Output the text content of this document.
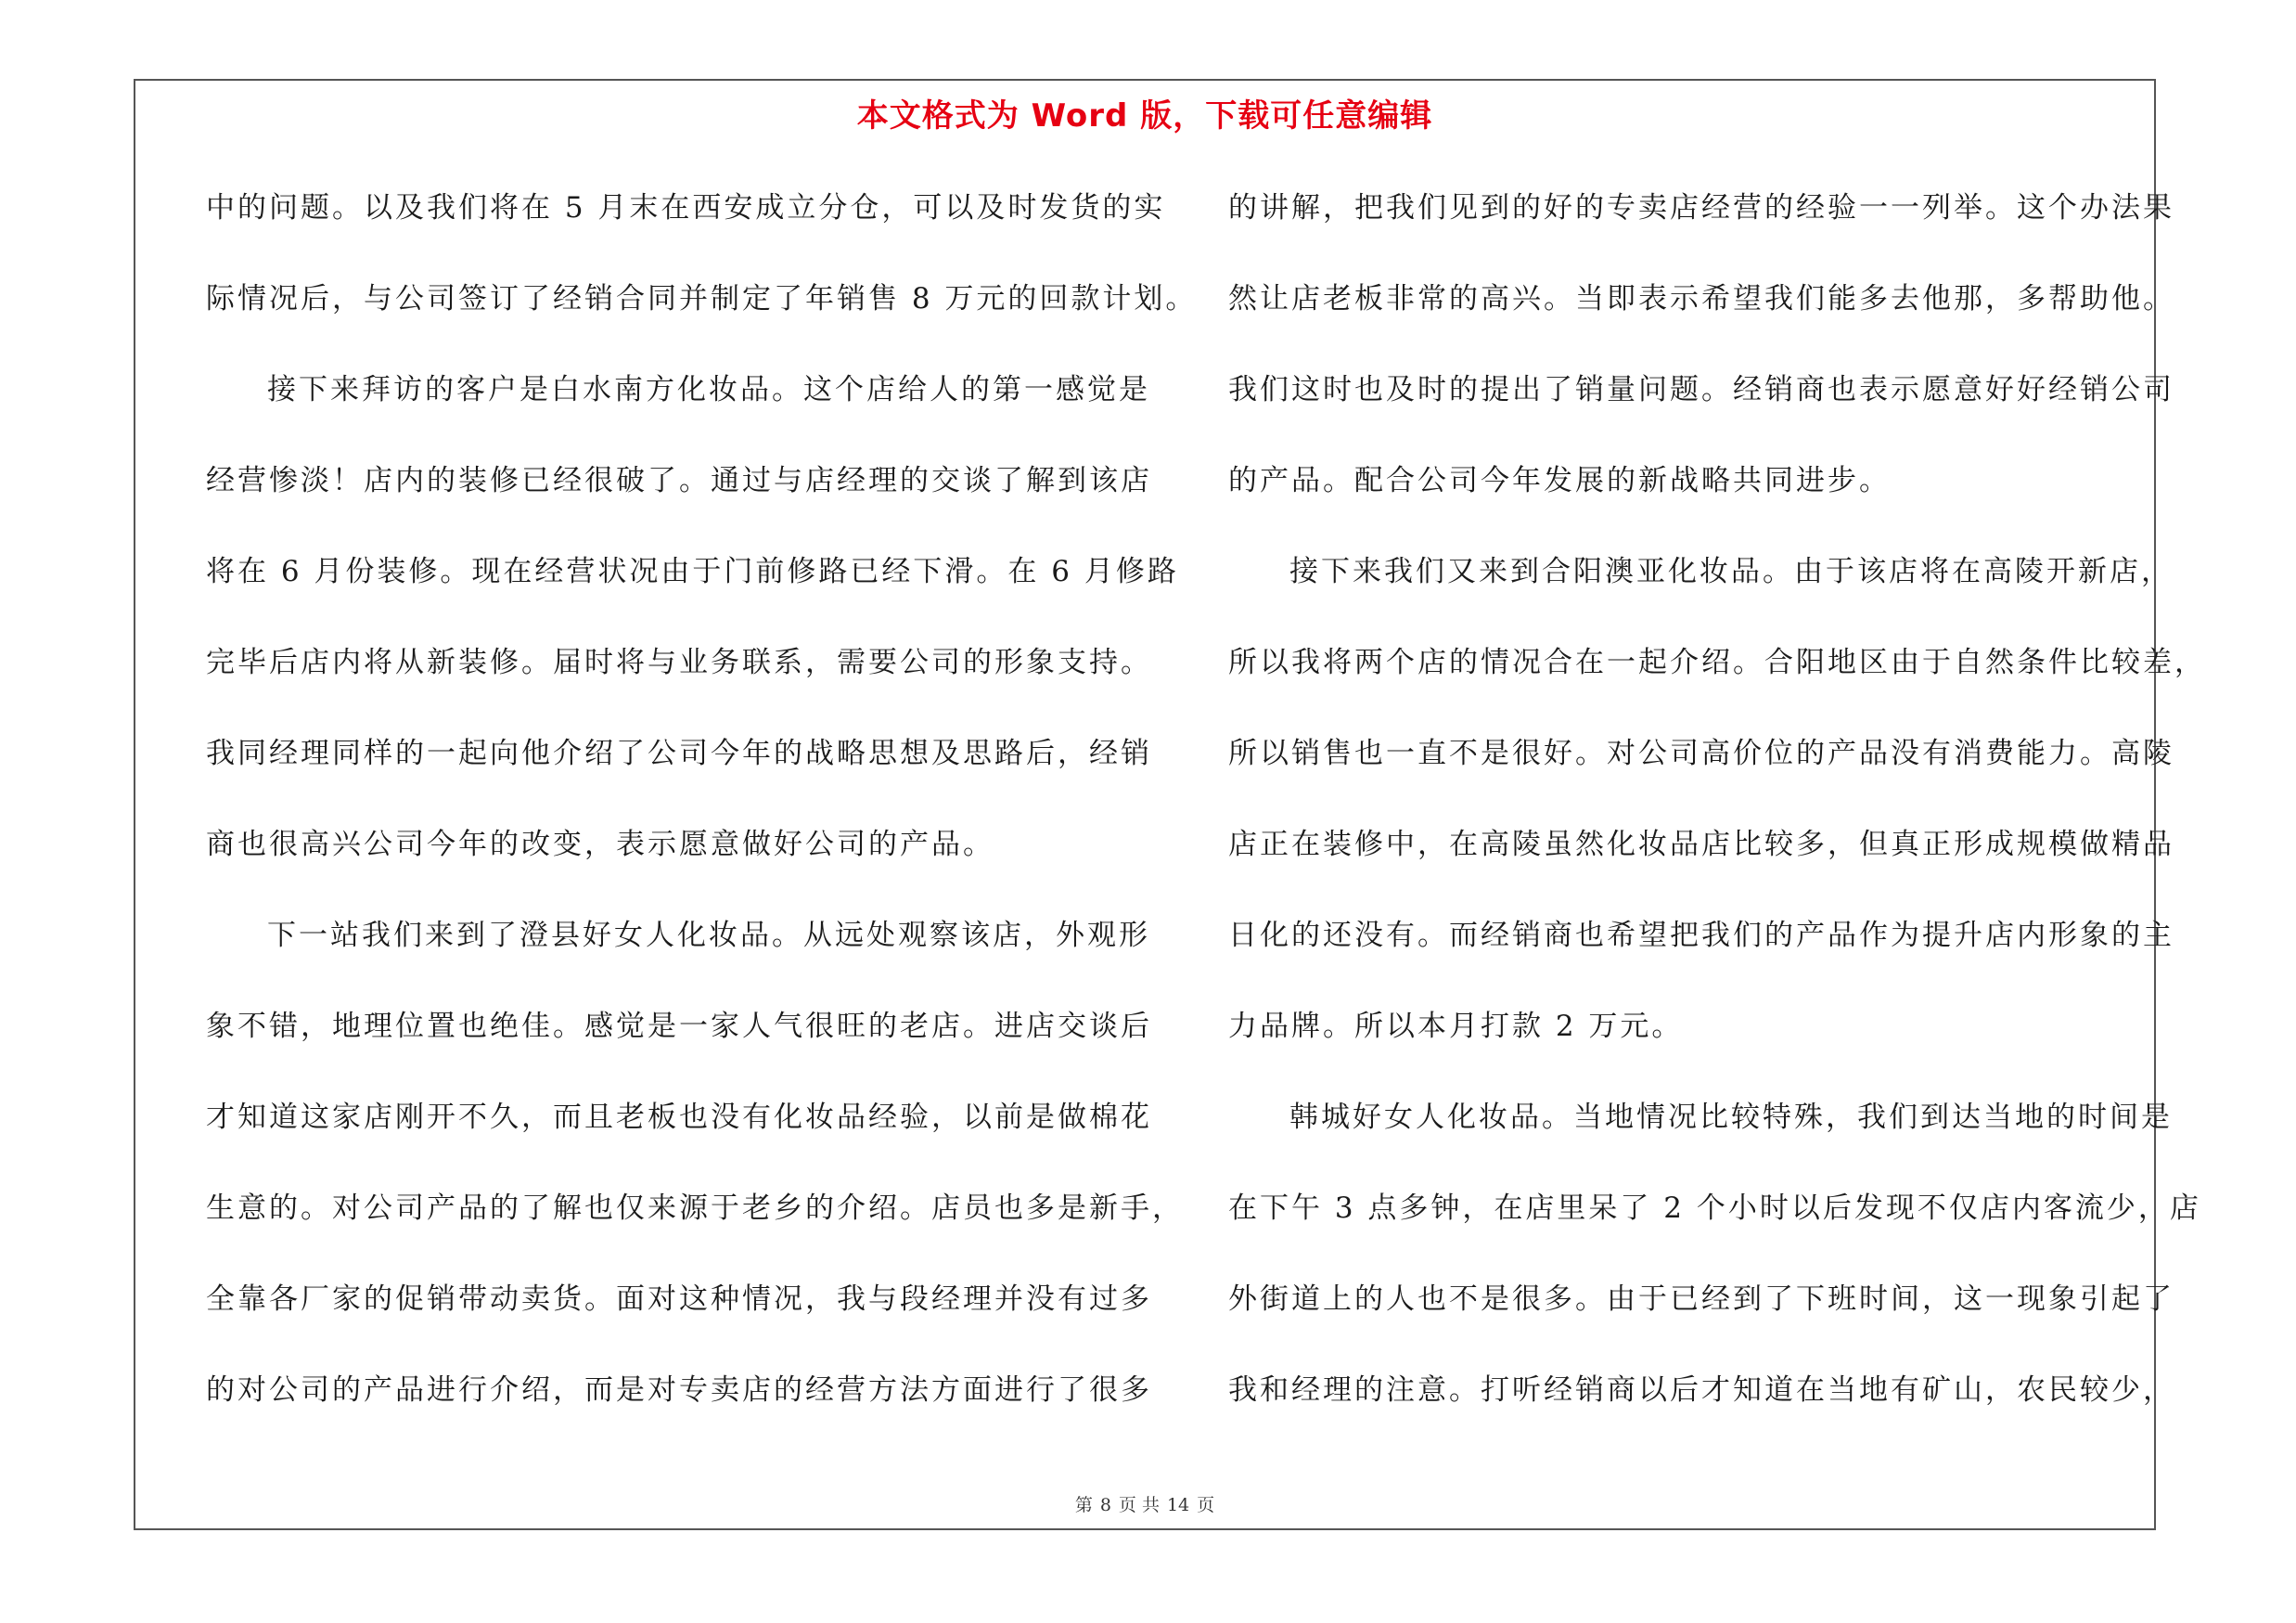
本文格式为 Word 版，下载可任意编辑
中的问题。以及我们将在 5 月末在西安成立分仓，可以及时发货的实
际情况后，与公司签订了经销合同并制定了年销售 8 万元的回款计划。
接下来拜访的客户是白水南方化妆品。这个店给人的第一感觉是
经营惨淡！店内的装修已经很破了。通过与店经理的交谈了解到该店
将在 6 月份装修。现在经营状况由于门前修路已经下滑。在 6 月修路
完毕后店内将从新装修。届时将与业务联系，需要公司的形象支持。
我同经理同样的一起向他介绍了公司今年的战略思想及思路后，经销
商也很高兴公司今年的改变，表示愿意做好公司的产品。
下一站我们来到了澄县好女人化妆品。从远处观察该店，外观形
象不错，地理位置也绝佳。感觉是一家人气很旺的老店。进店交谈后
才知道这家店刚开不久，而且老板也没有化妆品经验，以前是做棉花
生意的。对公司产品的了解也仅来源于老乡的介绍。店员也多是新手，
全靠各厂家的促销带动卖货。面对这种情况，我与段经理并没有过多
的对公司的产品进行介绍，而是对专卖店的经营方法方面进行了很多
的讲解，把我们见到的好的专卖店经营的经验一一列举。这个办法果
然让店老板非常的高兴。当即表示希望我们能多去他那，多帮助他。
我们这时也及时的提出了销量问题。经销商也表示愿意好好经销公司
的产品。配合公司今年发展的新战略共同进步。
接下来我们又来到合阳澳亚化妆品。由于该店将在高陵开新店，
所以我将两个店的情况合在一起介绍。合阳地区由于自然条件比较差，
所以销售也一直不是很好。对公司高价位的产品没有消费能力。高陵
店正在装修中，在高陵虽然化妆品店比较多，但真正形成规模做精品
日化的还没有。而经销商也希望把我们的产品作为提升店内形象的主
力品牌。所以本月打款 2 万元。
韩城好女人化妆品。当地情况比较特殊，我们到达当地的时间是
在下午 3 点多钟，在店里呆了 2 个小时以后发现不仅店内客流少，店
外街道上的人也不是很多。由于已经到了下班时间，这一现象引起了
我和经理的注意。打听经销商以后才知道在当地有矿山，农民较少，
第 8 页 共 14 页
